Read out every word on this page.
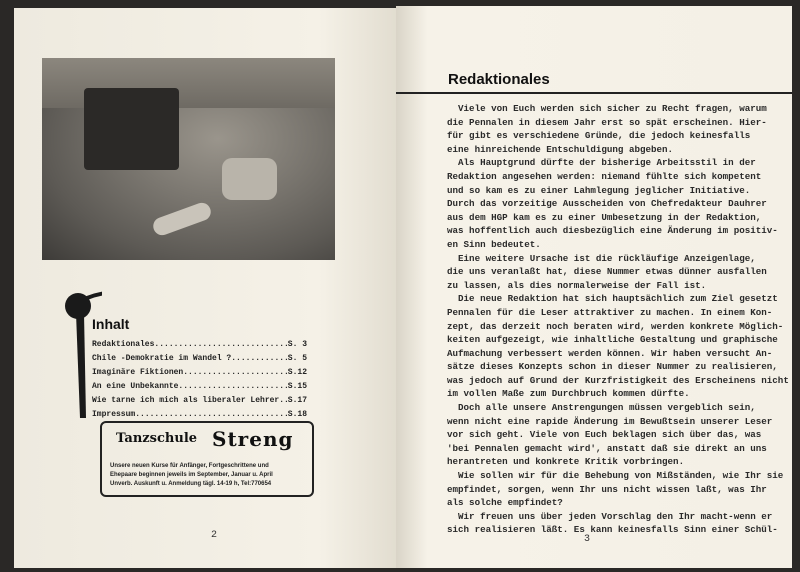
Inhalt
Redaktionales .....	S. 3
Chile -Demokratie im Wandel ? .....	S. 5
Imaginäre Fiktionen .....	S.12
An eine Unbekannte .....	S.15
Wie tarne ich mich als liberaler Lehrer. ..... S.17
Impressum .....	S.18
Tanzschule Streng
Unsere neuen Kurse für Anfänger, Fortgeschrittene und
Ehepaare beginnen jeweils im September, Januar u. April
Unverb. Auskunft u. Anmeldung tägl. 14-19 h, Tel:770654
2
Redaktionales
Viele von Euch werden sich sicher zu Recht fragen, warum
die Pennalen in diesem Jahr erst so spät erscheinen. Hier-
für gibt es verschiedene Gründe, die jedoch keinesfalls
eine hinreichende Entschuldigung abgeben.
Als Hauptgrund dürfte der bisherige Arbeitsstil in der
Redaktion angesehen werden: niemand fühlte sich kompetent
und so kam es zu einer Lahmlegung jeglicher Initiative.
Durch das vorzeitige Ausscheiden von Chefredakteur Dauhrer
aus dem HGP kam es zu einer Umbesetzung in der Redaktion,
was hoffentlich auch diesbezüglich eine Änderung im positiv-
en Sinn bedeutet.
Eine weitere Ursache ist die rückläufige Anzeigenlage,
die uns veranlaßt hat, diese Nummer etwas dünner ausfallen
zu lassen, als dies normalerweise der Fall ist.
Die neue Redaktion hat sich hauptsächlich zum Ziel gesetzt
Pennalen für die Leser attraktiver zu machen. In einem Kon-
zept, das derzeit noch beraten wird, werden konkrete Möglich-
keiten aufgezeigt, wie inhaltliche Gestaltung und graphische
Aufmachung verbessert werden können. Wir haben versucht An-
sätze dieses Konzepts schon in dieser Nummer zu realisieren,
was jedoch auf Grund der Kurzfristigkeit des Erscheinens nicht
im vollen Maße zum Durchbruch kommen dürfte.
Doch alle unsere Anstrengungen müssen vergeblich sein,
wenn nicht eine rapide Änderung im Bewußtsein unserer Leser
vor sich geht. Viele von Euch beklagen sich über das, was
'bei Pennalen gemacht wird', anstatt daß sie direkt an uns
herantreten und konkrete Kritik vorbringen.
Wie sollen wir für die Behebung von Mißständen, wie Ihr sie
empfindet, sorgen, wenn Ihr uns nicht wissen laßt, was Ihr
als solche empfindet?
Wir freuen uns über jeden Vorschlag den Ihr macht-wenn er
sich realisieren läßt. Es kann keinesfalls Sinn einer Schül-
3
